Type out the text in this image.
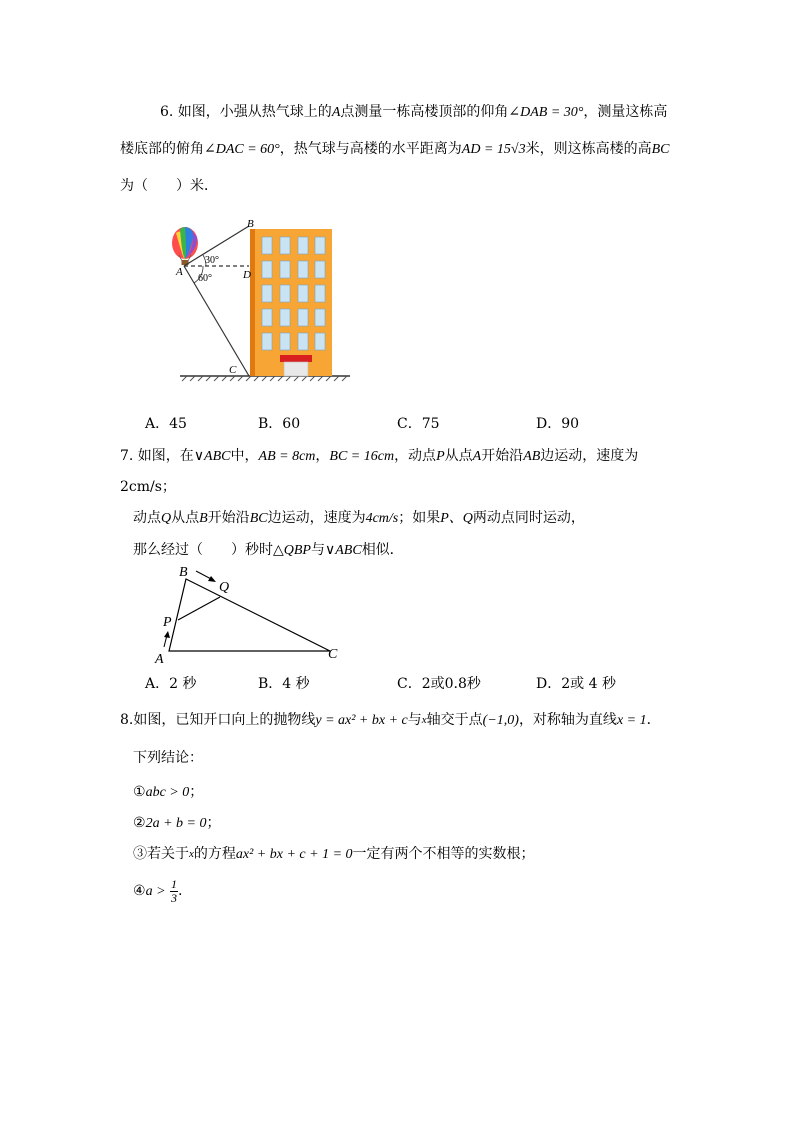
6. 如图，小强从热气球上的A点测量一栋高楼顶部的仰角∠DAB = 30°，测量这栋高
楼底部的俯角∠DAC = 60°，热气球与高楼的水平距离为AD = 15√3米，则这栋高楼的高BC
为（　　）米．
30°
60°
B
A	D
C
A．45	B．60	C．75	D．90
7. 如图，在∨ABC中，AB = 8cm，BC = 16cm，动点P从点A开始沿AB边运动，速度为
2cm/s；
动点Q从点B开始沿BC边运动，速度为4cm/s；如果P、Q两动点同时运动，
那么经过（　　）秒时△QBP与∨ABC相似．
B
Q
P
A	C
A．2 秒	B．4 秒	C．2或0.8秒	D．2或 4 秒
8.如图，已知开口向上的抛物线y = ax² + bx + c与$^x$轴交于点(−1,0)，对称轴为直线x = 1．
下列结论：
①abc > 0；
②2a + b = 0；
③若关于$^x$的方程ax² + bx + c + 1 = 0一定有两个不相等的实数根；
④a > $\frac{1}{3}$ .
